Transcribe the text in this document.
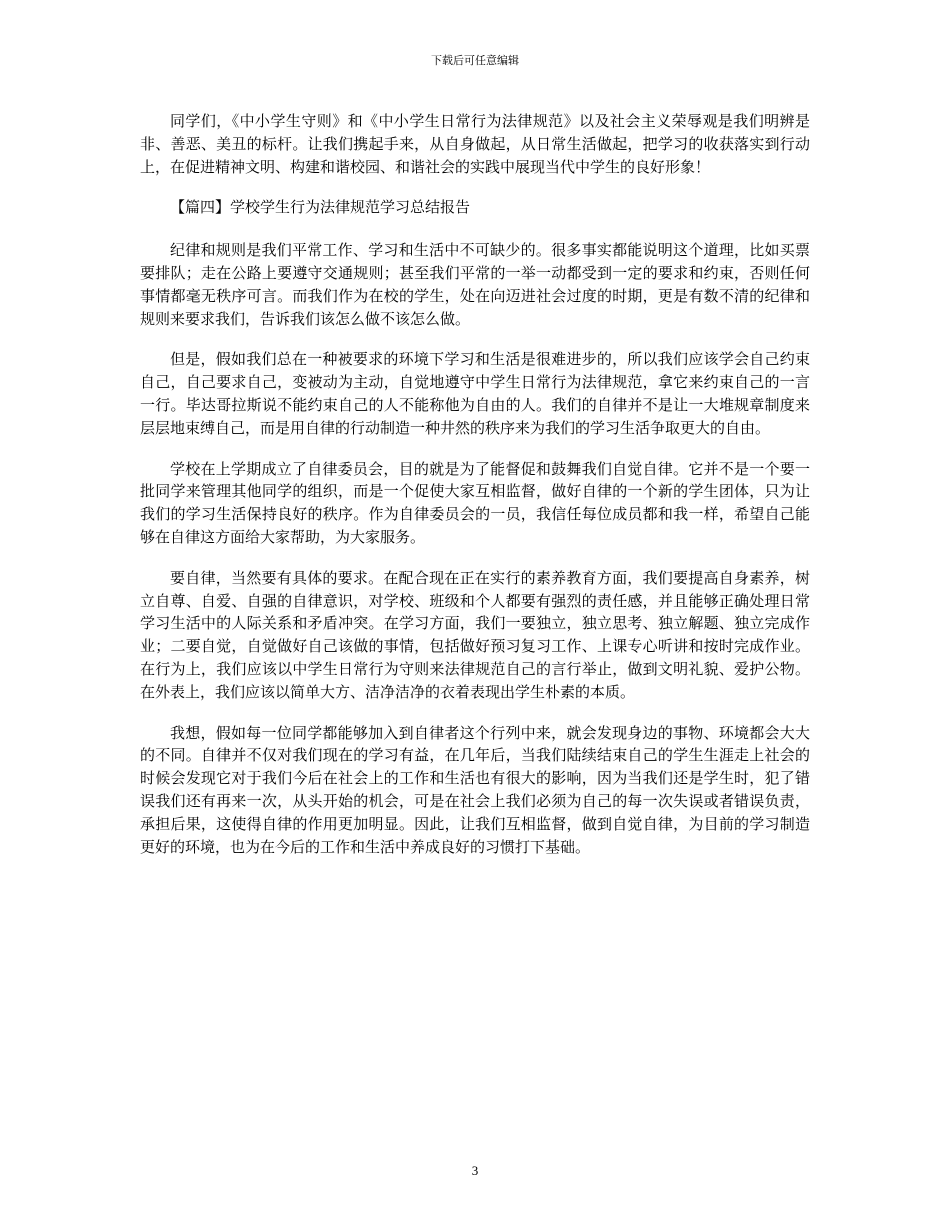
下载后可任意编辑

同学们，《中小学生守则》和《中小学生日常行为法律规范》以及社会主义荣辱观是我们明辨是非、善恶、美丑的标杆。让我们携起手来，从自身做起，从日常生活做起，把学习的收获落实到行动上，在促进精神文明、构建和谐校园、和谐社会的实践中展现当代中学生的良好形象！

【篇四】学校学生行为法律规范学习总结报告

纪律和规则是我们平常工作、学习和生活中不可缺少的。很多事实都能说明这个道理，比如买票要排队；走在公路上要遵守交通规则；甚至我们平常的一举一动都受到一定的要求和约束，否则任何事情都毫无秩序可言。而我们作为在校的学生，处在向迈进社会过度的时期，更是有数不清的纪律和规则来要求我们，告诉我们该怎么做不该怎么做。

但是，假如我们总在一种被要求的环境下学习和生活是很难进步的，所以我们应该学会自己约束自己，自己要求自己，变被动为主动，自觉地遵守中学生日常行为法律规范，拿它来约束自己的一言一行。毕达哥拉斯说不能约束自己的人不能称他为自由的人。我们的自律并不是让一大堆规章制度来层层地束缚自己，而是用自律的行动制造一种井然的秩序来为我们的学习生活争取更大的自由。

学校在上学期成立了自律委员会，目的就是为了能督促和鼓舞我们自觉自律。它并不是一个要一批同学来管理其他同学的组织，而是一个促使大家互相监督，做好自律的一个新的学生团体，只为让我们的学习生活保持良好的秩序。作为自律委员会的一员，我信任每位成员都和我一样，希望自己能够在自律这方面给大家帮助，为大家服务。

要自律，当然要有具体的要求。在配合现在正在实行的素养教育方面，我们要提高自身素养，树立自尊、自爱、自强的自律意识，对学校、班级和个人都要有强烈的责任感，并且能够正确处理日常学习生活中的人际关系和矛盾冲突。在学习方面，我们一要独立，独立思考、独立解题、独立完成作业；二要自觉，自觉做好自己该做的事情，包括做好预习复习工作、上课专心听讲和按时完成作业。在行为上，我们应该以中学生日常行为守则来法律规范自己的言行举止，做到文明礼貌、爱护公物。在外表上，我们应该以简单大方、洁净洁净的衣着表现出学生朴素的本质。

我想，假如每一位同学都能够加入到自律者这个行列中来，就会发现身边的事物、环境都会大大的不同。自律并不仅对我们现在的学习有益，在几年后，当我们陆续结束自己的学生生涯走上社会的时候会发现它对于我们今后在社会上的工作和生活也有很大的影响，因为当我们还是学生时，犯了错误我们还有再来一次，从头开始的机会，可是在社会上我们必须为自己的每一次失误或者错误负责，承担后果，这使得自律的作用更加明显。因此，让我们互相监督，做到自觉自律，为目前的学习制造更好的环境，也为在今后的工作和生活中养成良好的习惯打下基础。

3
